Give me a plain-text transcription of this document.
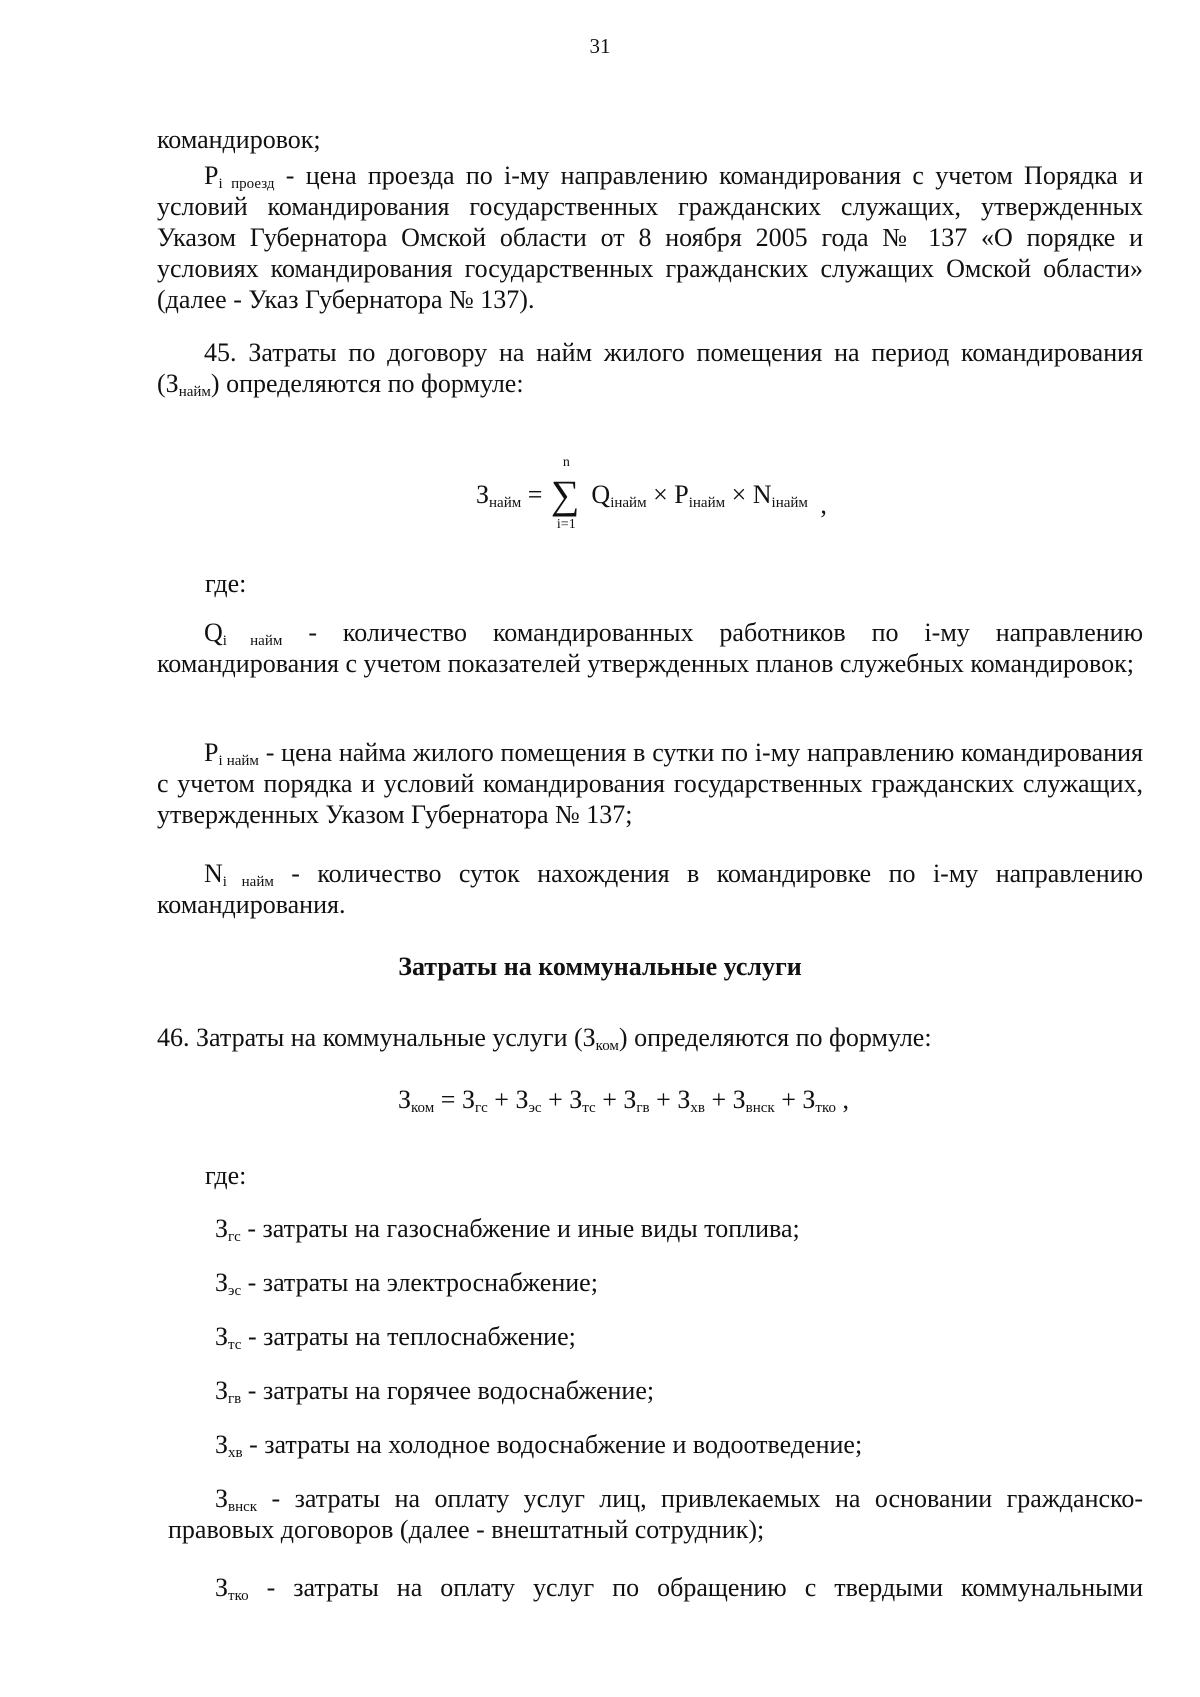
31

командировок;

$P_{i проезд}$ - цена проезда по i-му направлению командирования с учетом Порядка и условий командирования государственных гражданских служащих, утвержденных Указом Губернатора Омской области от 8 ноября 2005 года № 137 «О порядке и условиях командирования государственных гражданских служащих Омской области» (далее - Указ Губернатора № 137).

45. Затраты по договору на найм жилого помещения на период командирования $(З_{найм})$ определяются по формуле:

$З_{найм}$ =
n
∑
i=1
$Q_{iнайм} \times P_{iнайм} \times N_{iнайм}$ ,

где:

$Q_{i найм}$ - количество командированных работников по i-му направлению командирования с учетом показателей утвержденных планов служебных командировок;

$P_{i найм}$ - цена найма жилого помещения в сутки по i-му направлению командирования с учетом порядка и условий командирования государственных гражданских служащих, утвержденных Указом Губернатора № 137;

$N_{i найм}$ - количество суток нахождения в командировке по i-му направлению командирования.

Затраты на коммунальные услуги

46. Затраты на коммунальные услуги $(З_{ком})$ определяются по формуле:

$З_{ком} = З_{гс} + З_{эс} + З_{тс} + З_{гв} + З_{хв} + З_{внск} + З_{тко}$ ,

где:

$З_{гс}$ - затраты на газоснабжение и иные виды топлива;

$З_{эс}$ - затраты на электроснабжение;

$З_{тс}$ - затраты на теплоснабжение;

$З_{гв}$ - затраты на горячее водоснабжение;

$З_{хв}$ - затраты на холодное водоснабжение и водоотведение;

$З_{внск}$ - затраты на оплату услуг лиц, привлекаемых на основании гражданско-правовых договоров (далее - внештатный сотрудник);

$З_{тко}$ - затраты на оплату услуг по обращению с твердыми коммунальными
